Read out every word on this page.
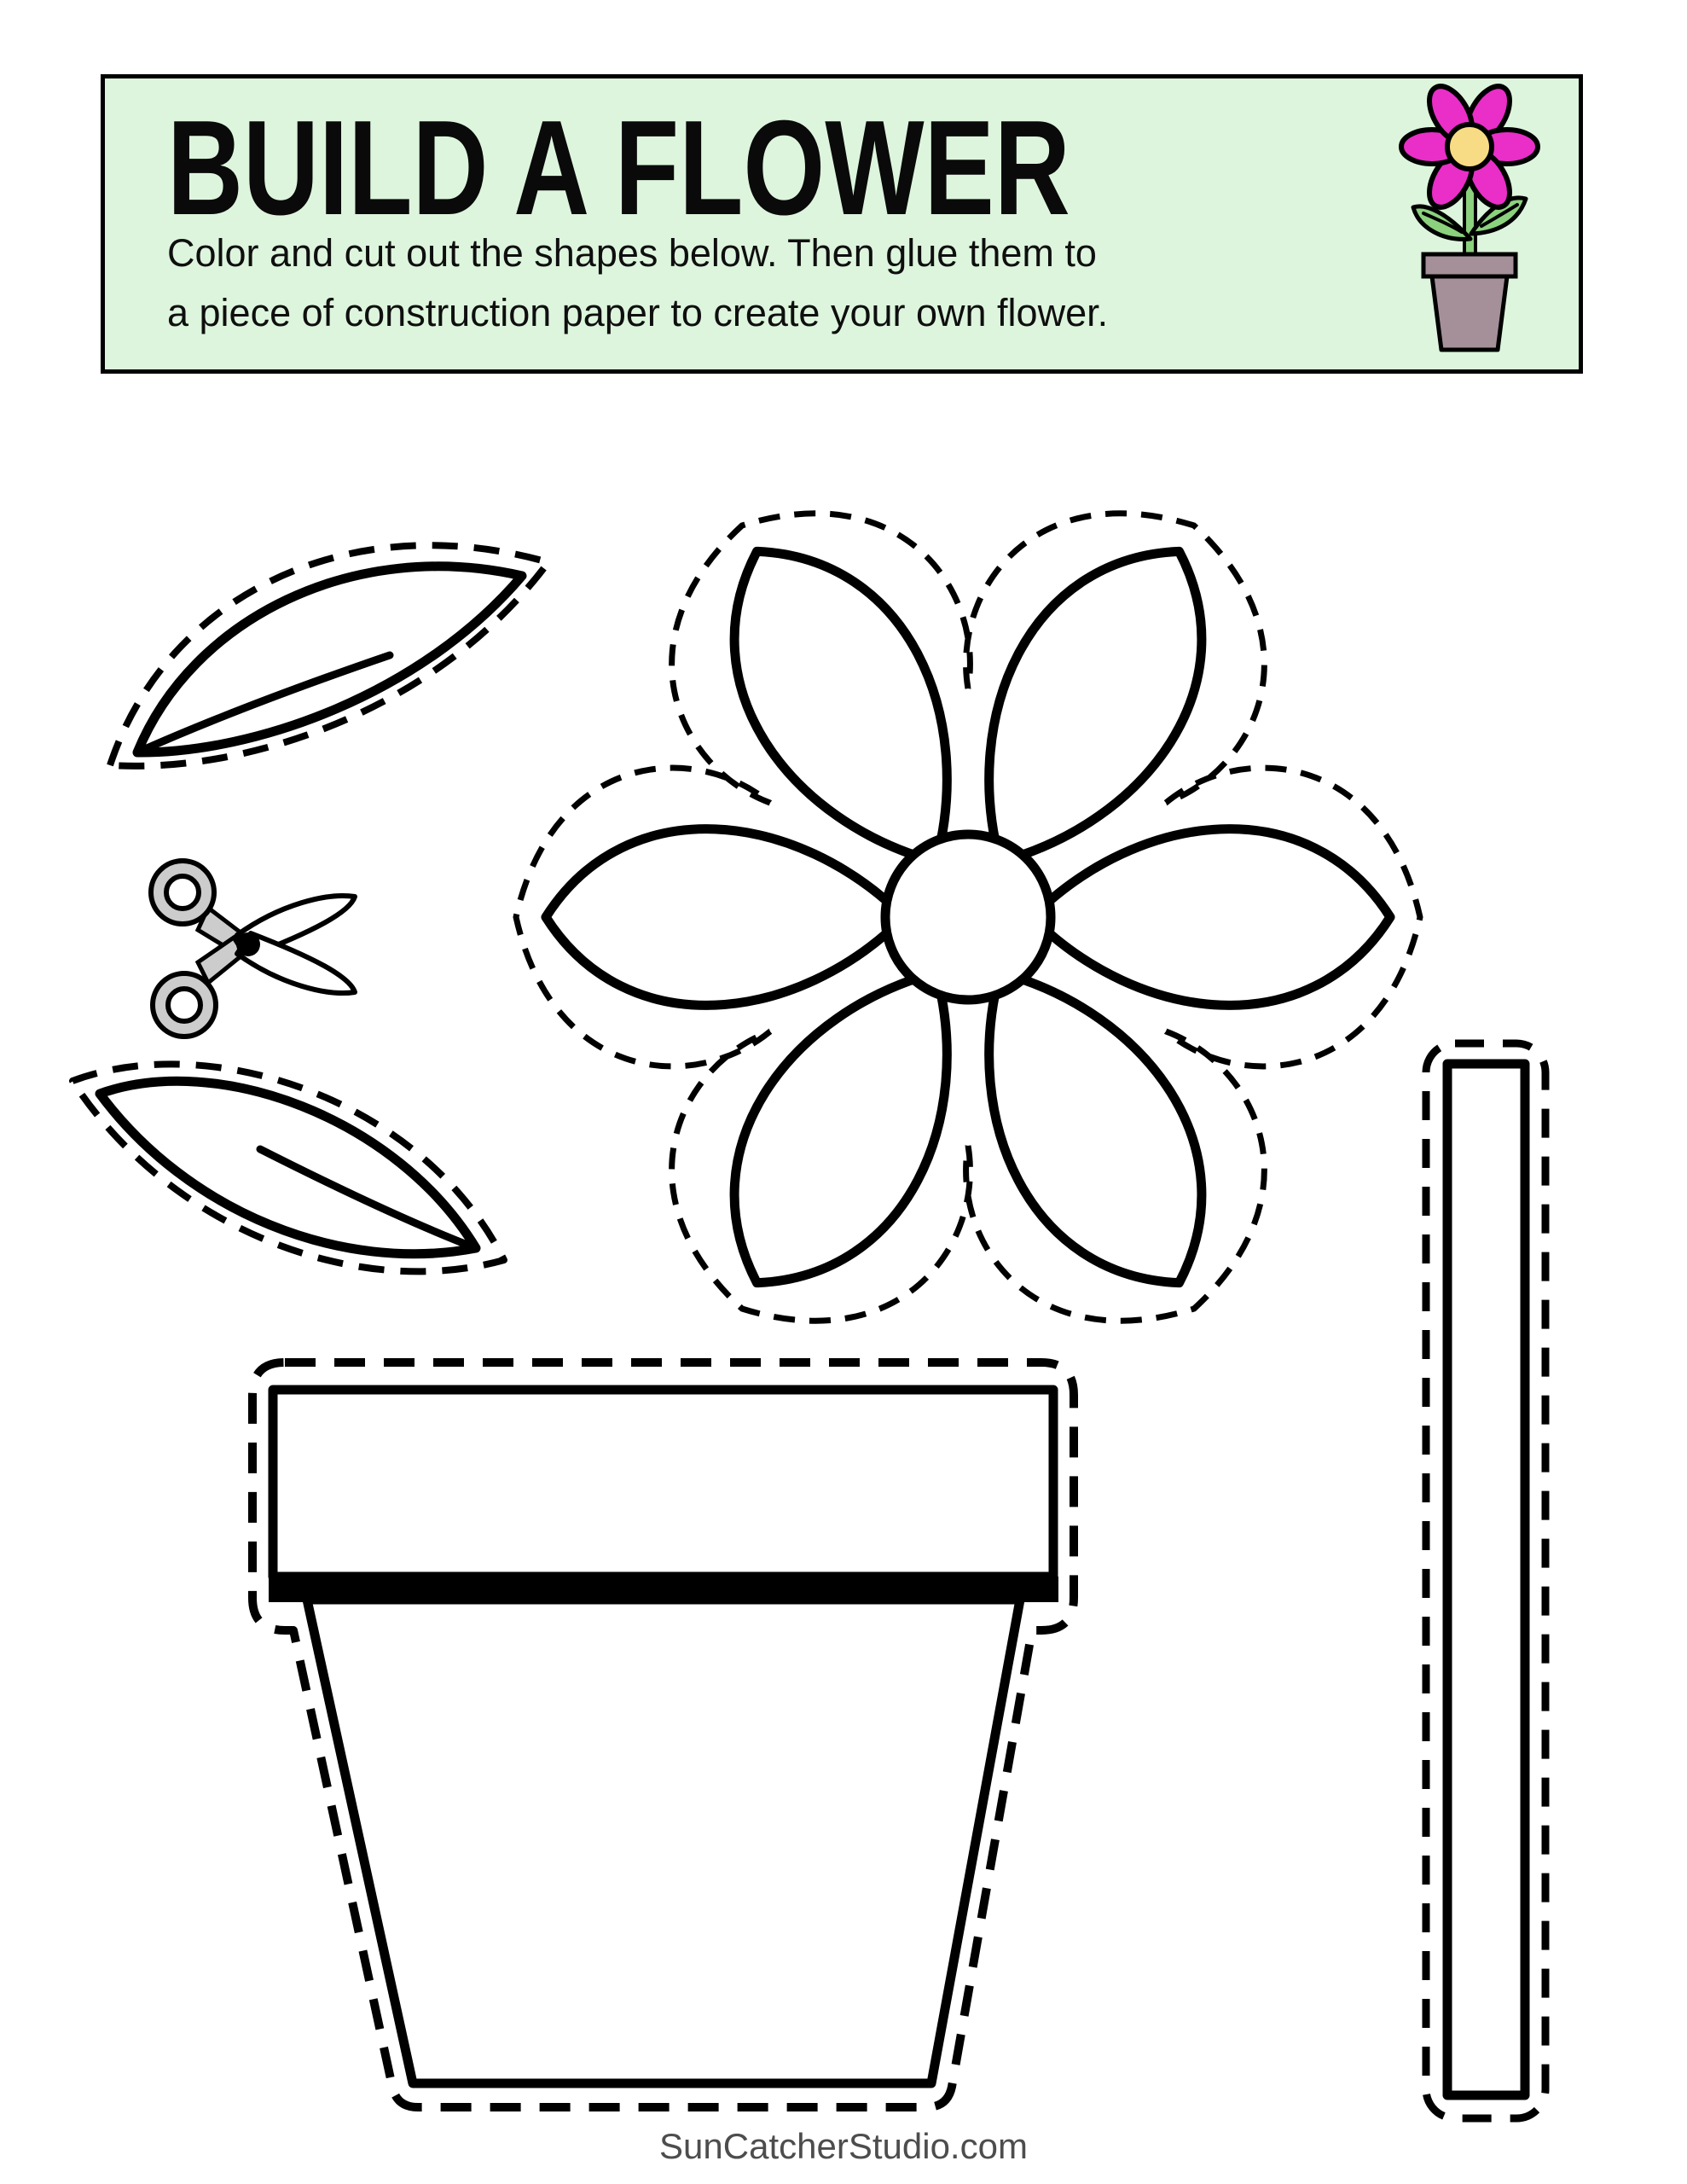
BUILD A FLOWER
Color and cut out the shapes below. Then glue them to
a piece of construction paper to create your own flower.
SunCatcherStudio.com
